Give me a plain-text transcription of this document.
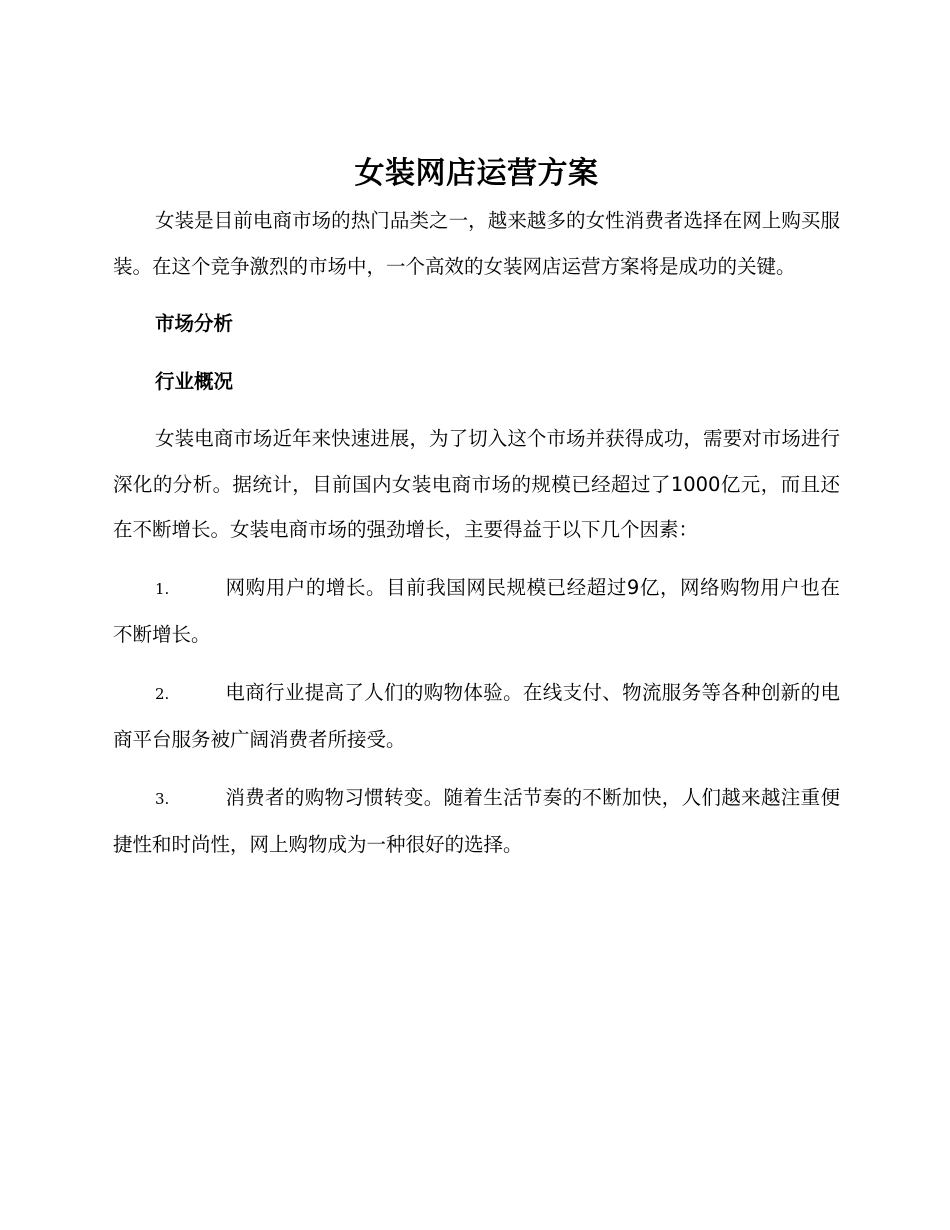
女装网店运营方案

女装是目前电商市场的热门品类之一，越来越多的女性消费者选择在网上购买服装。在这个竞争激烈的市场中，一个高效的女装网店运营方案将是成功的关键。

市场分析
行业概况

女装电商市场近年来快速进展，为了切入这个市场并获得成功，需要对市场进行深化的分析。据统计，目前国内女装电商市场的规模已经超过了1000亿元，而且还在不断增长。女装电商市场的强劲增长，主要得益于以下几个因素：

1.	网购用户的增长。目前我国网民规模已经超过9亿，网络购物用户也在不断增长。

2.	电商行业提高了人们的购物体验。在线支付、物流服务等各种创新的电商平台服务被广阔消费者所接受。

3.	消费者的购物习惯转变。随着生活节奏的不断加快，人们越来越注重便捷性和时尚性，网上购物成为一种很好的选择。
